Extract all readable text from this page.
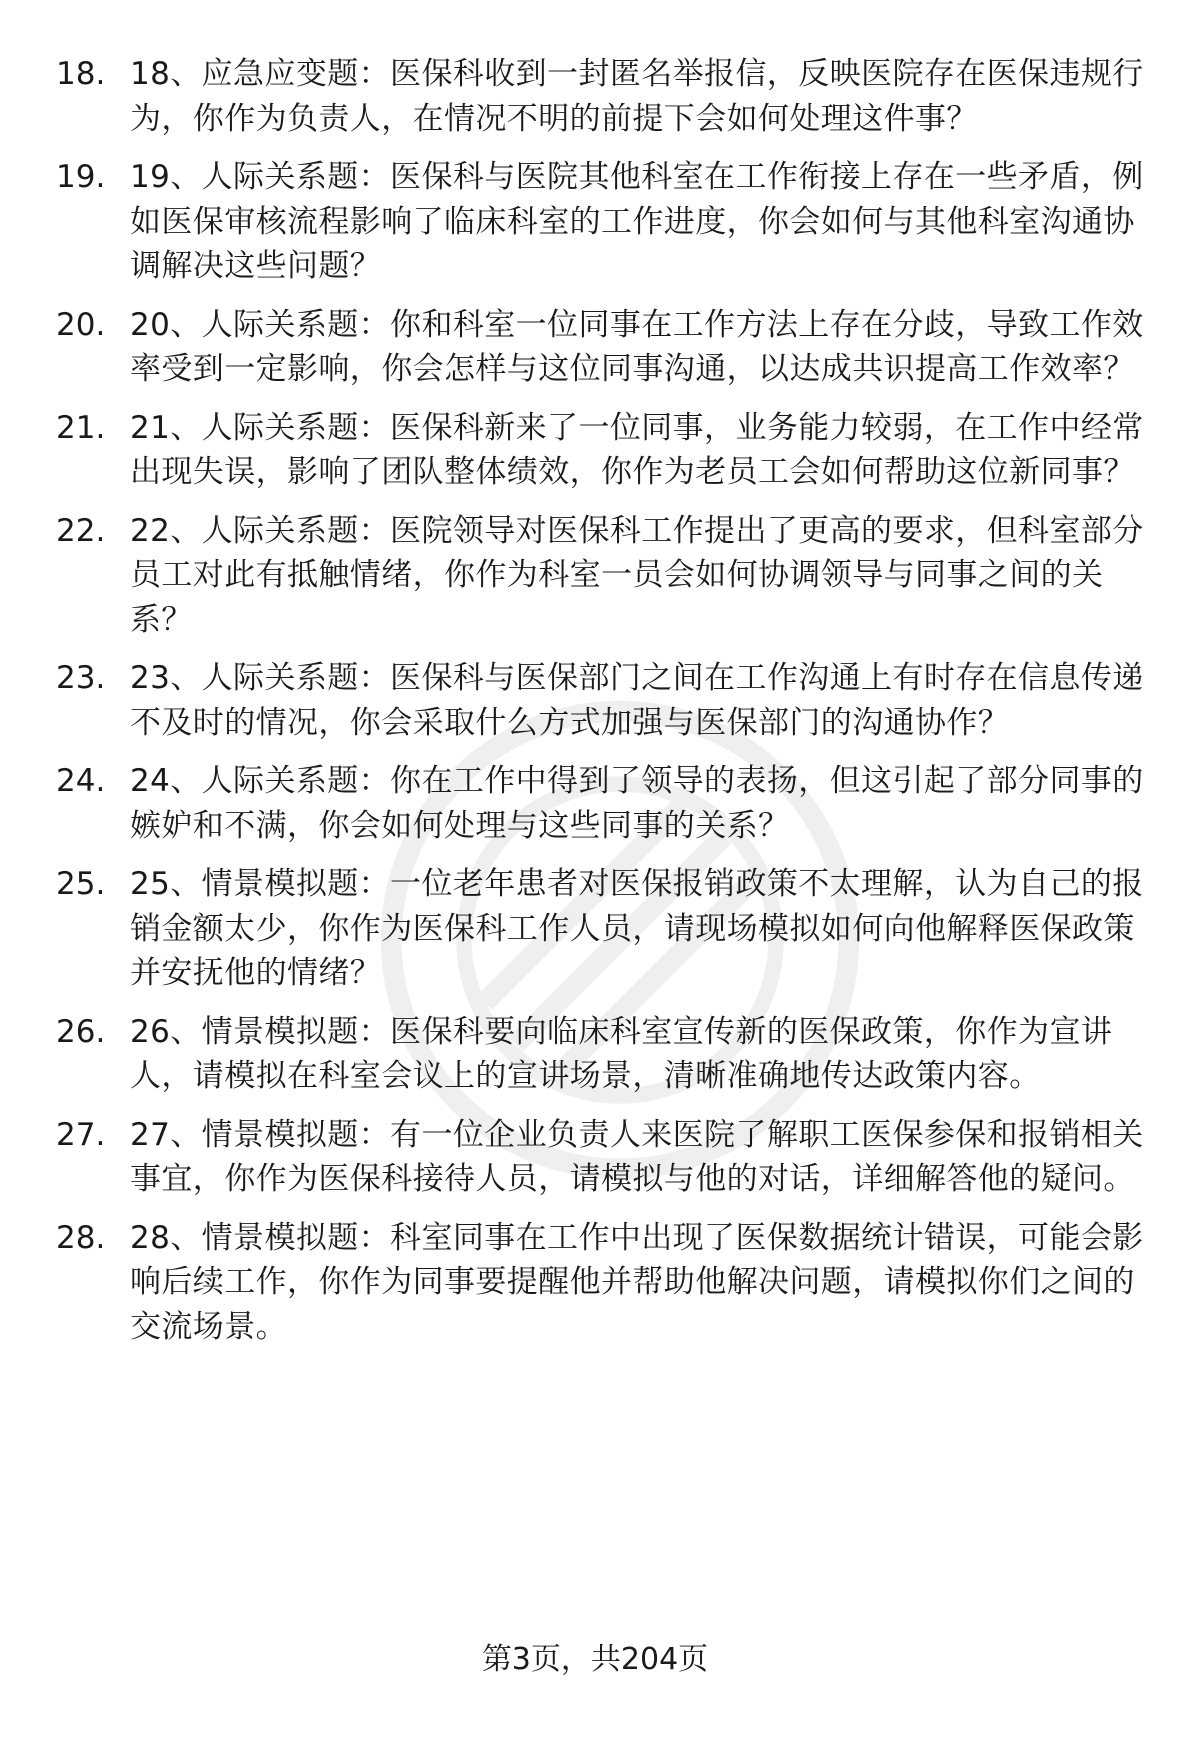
18. 18、应急应变题：医保科收到一封匿名举报信，反映医院存在医保违规行为，你作为负责人，在情况不明的前提下会如何处理这件事？
19. 19、人际关系题：医保科与医院其他科室在工作衔接上存在一些矛盾，例如医保审核流程影响了临床科室的工作进度，你会如何与其他科室沟通协调解决这些问题？
20. 20、人际关系题：你和科室一位同事在工作方法上存在分歧，导致工作效率受到一定影响，你会怎样与这位同事沟通，以达成共识提高工作效率？
21. 21、人际关系题：医保科新来了一位同事，业务能力较弱，在工作中经常出现失误，影响了团队整体绩效，你作为老员工会如何帮助这位新同事？
22. 22、人际关系题：医院领导对医保科工作提出了更高的要求，但科室部分员工对此有抵触情绪，你作为科室一员会如何协调领导与同事之间的关系？
23. 23、人际关系题：医保科与医保部门之间在工作沟通上有时存在信息传递不及时的情况，你会采取什么方式加强与医保部门的沟通协作？
24. 24、人际关系题：你在工作中得到了领导的表扬，但这引起了部分同事的嫉妒和不满，你会如何处理与这些同事的关系？
25. 25、情景模拟题：一位老年患者对医保报销政策不太理解，认为自己的报销金额太少，你作为医保科工作人员，请现场模拟如何向他解释医保政策并安抚他的情绪？
26. 26、情景模拟题：医保科要向临床科室宣传新的医保政策，你作为宣讲人，请模拟在科室会议上的宣讲场景，清晰准确地传达政策内容。
27. 27、情景模拟题：有一位企业负责人来医院了解职工医保参保和报销相关事宜，你作为医保科接待人员，请模拟与他的对话，详细解答他的疑问。
28. 28、情景模拟题：科室同事在工作中出现了医保数据统计错误，可能会影响后续工作，你作为同事要提醒他并帮助他解决问题，请模拟你们之间的交流场景。
第3页，共204页
